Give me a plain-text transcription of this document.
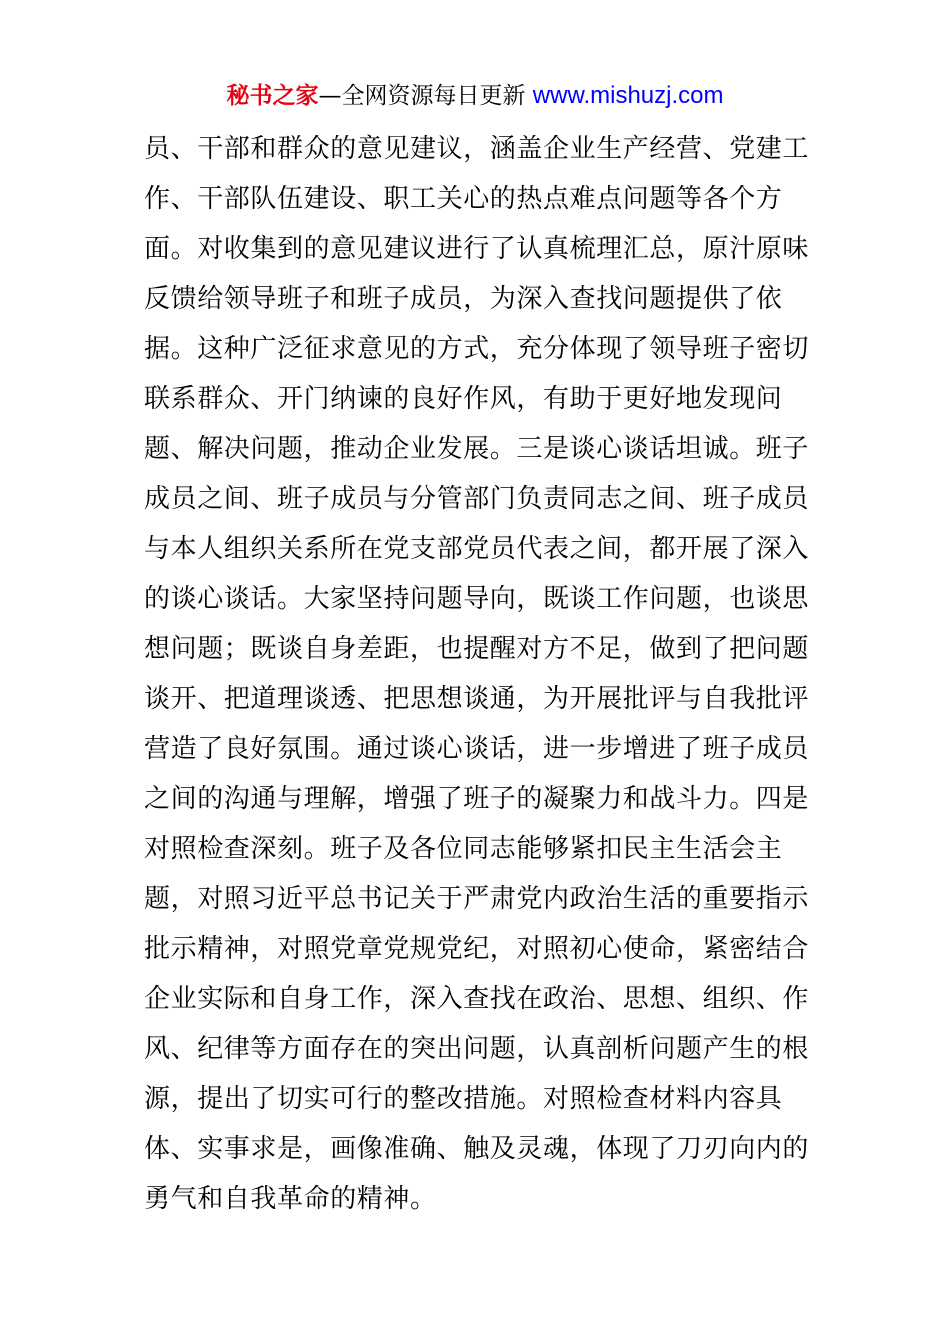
秘书之家—全网资源每日更新 www.mishuzj.com
员、干部和群众的意见建议，涵盖企业生产经营、党建工
作、干部队伍建设、职工关心的热点难点问题等各个方
面。对收集到的意见建议进行了认真梳理汇总，原汁原味
反馈给领导班子和班子成员，为深入查找问题提供了依
据。这种广泛征求意见的方式，充分体现了领导班子密切
联系群众、开门纳谏的良好作风，有助于更好地发现问
题、解决问题，推动企业发展。三是谈心谈话坦诚。班子
成员之间、班子成员与分管部门负责同志之间、班子成员
与本人组织关系所在党支部党员代表之间，都开展了深入
的谈心谈话。大家坚持问题导向，既谈工作问题，也谈思
想问题；既谈自身差距，也提醒对方不足，做到了把问题
谈开、把道理谈透、把思想谈通，为开展批评与自我批评
营造了良好氛围。通过谈心谈话，进一步增进了班子成员
之间的沟通与理解，增强了班子的凝聚力和战斗力。四是
对照检查深刻。班子及各位同志能够紧扣民主生活会主
题，对照习近平总书记关于严肃党内政治生活的重要指示
批示精神，对照党章党规党纪，对照初心使命，紧密结合
企业实际和自身工作，深入查找在政治、思想、组织、作
风、纪律等方面存在的突出问题，认真剖析问题产生的根
源，提出了切实可行的整改措施。对照检查材料内容具
体、实事求是，画像准确、触及灵魂，体现了刀刃向内的
勇气和自我革命的精神。
